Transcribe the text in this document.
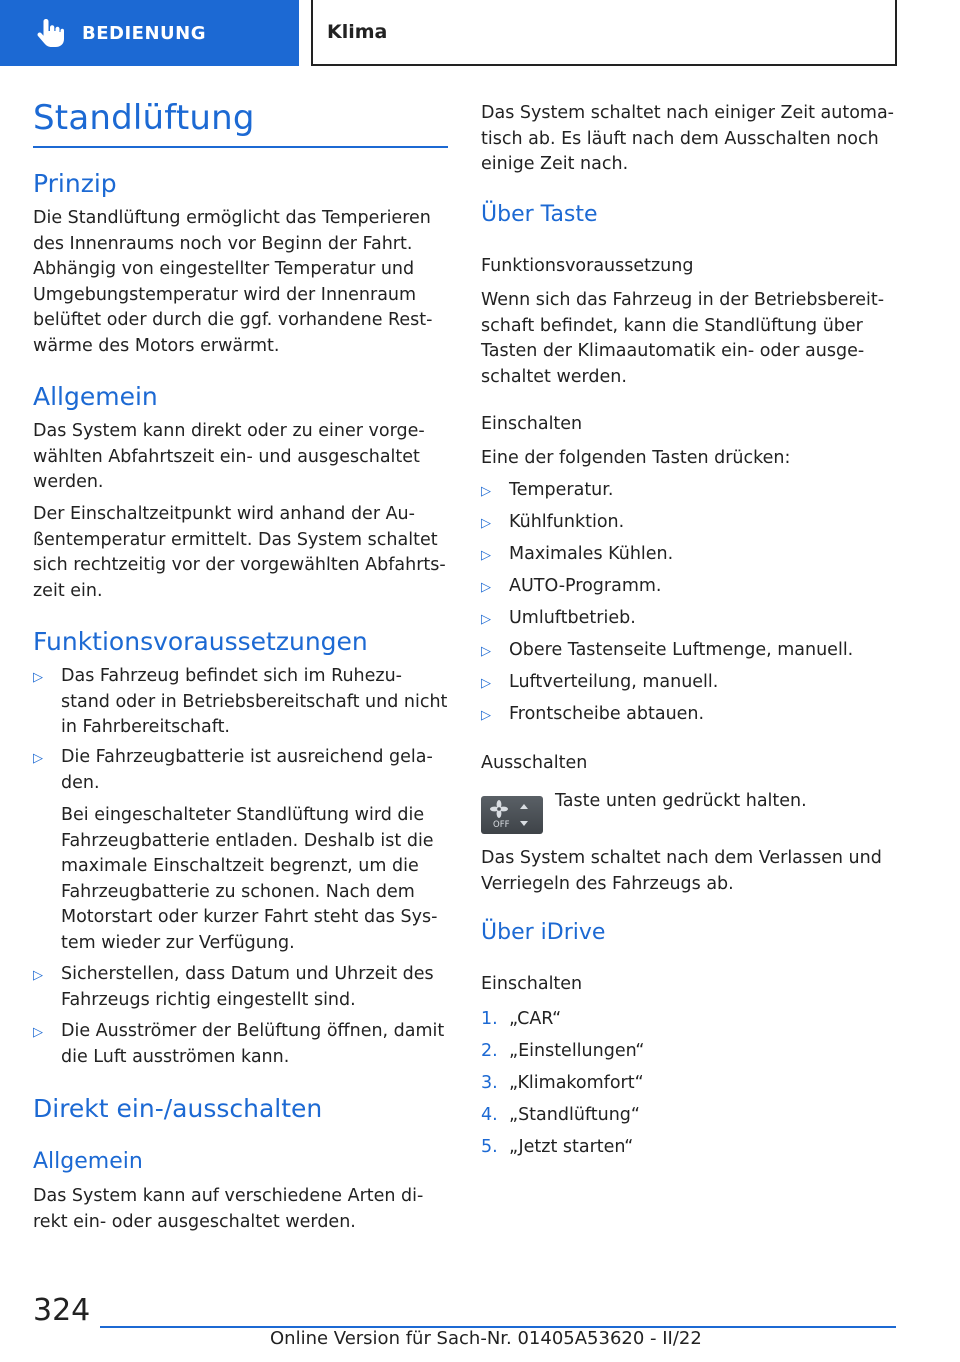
BEDIENUNG	Klima
Standlüftung
Prinzip
Die Standlüftung ermöglicht das Temperieren
des Innenraums noch vor Beginn der Fahrt.
Abhängig von eingestellter Temperatur und
Umgebungstemperatur wird der Innenraum
belüftet oder durch die ggf. vorhandene Rest‐
wärme des Motors erwärmt.
Allgemein
Das System kann direkt oder zu einer vorge‐
wählten Abfahrtszeit ein- und ausgeschaltet
werden.
Der Einschaltzeitpunkt wird anhand der Au‐
ßentemperatur ermittelt. Das System schaltet
sich rechtzeitig vor der vorgewählten Abfahrts‐
zeit ein.
Funktionsvoraussetzungen
▷	Das Fahrzeug befindet sich im Ruhezu‐
stand oder in Betriebsbereitschaft und nicht
in Fahrbereitschaft.
▷	Die Fahrzeugbatterie ist ausreichend gela‐
den.
Bei eingeschalteter Standlüftung wird die
Fahrzeugbatterie entladen. Deshalb ist die
maximale Einschaltzeit begrenzt, um die
Fahrzeugbatterie zu schonen. Nach dem
Motorstart oder kurzer Fahrt steht das Sys‐
tem wieder zur Verfügung.
▷	Sicherstellen, dass Datum und Uhrzeit des
Fahrzeugs richtig eingestellt sind.
▷	Die Ausströmer der Belüftung öffnen, damit
die Luft ausströmen kann.
Direkt ein-/ausschalten
Allgemein
Das System kann auf verschiedene Arten di‐
rekt ein- oder ausgeschaltet werden.
Das System schaltet nach einiger Zeit automa‐
tisch ab. Es läuft nach dem Ausschalten noch
einige Zeit nach.
Über Taste
Funktionsvoraussetzung
Wenn sich das Fahrzeug in der Betriebsbereit‐
schaft befindet, kann die Standlüftung über
Tasten der Klimaautomatik ein- oder ausge‐
schaltet werden.
Einschalten
Eine der folgenden Tasten drücken:
▷	Temperatur.
▷	Kühlfunktion.
▷	Maximales Kühlen.
▷	AUTO-Programm.
▷	Umluftbetrieb.
▷	Obere Tastenseite Luftmenge, manuell.
▷	Luftverteilung, manuell.
▷	Frontscheibe abtauen.
Ausschalten
OFF
Taste unten gedrückt halten.
Das System schaltet nach dem Verlassen und
Verriegeln des Fahrzeugs ab.
Über iDrive
Einschalten
1. „CAR“
2. „Einstellungen“
3. „Klimakomfort“
4. „Standlüftung“
5. „Jetzt starten“
324
Online Version für Sach-Nr. 01405A53620 - II/22
